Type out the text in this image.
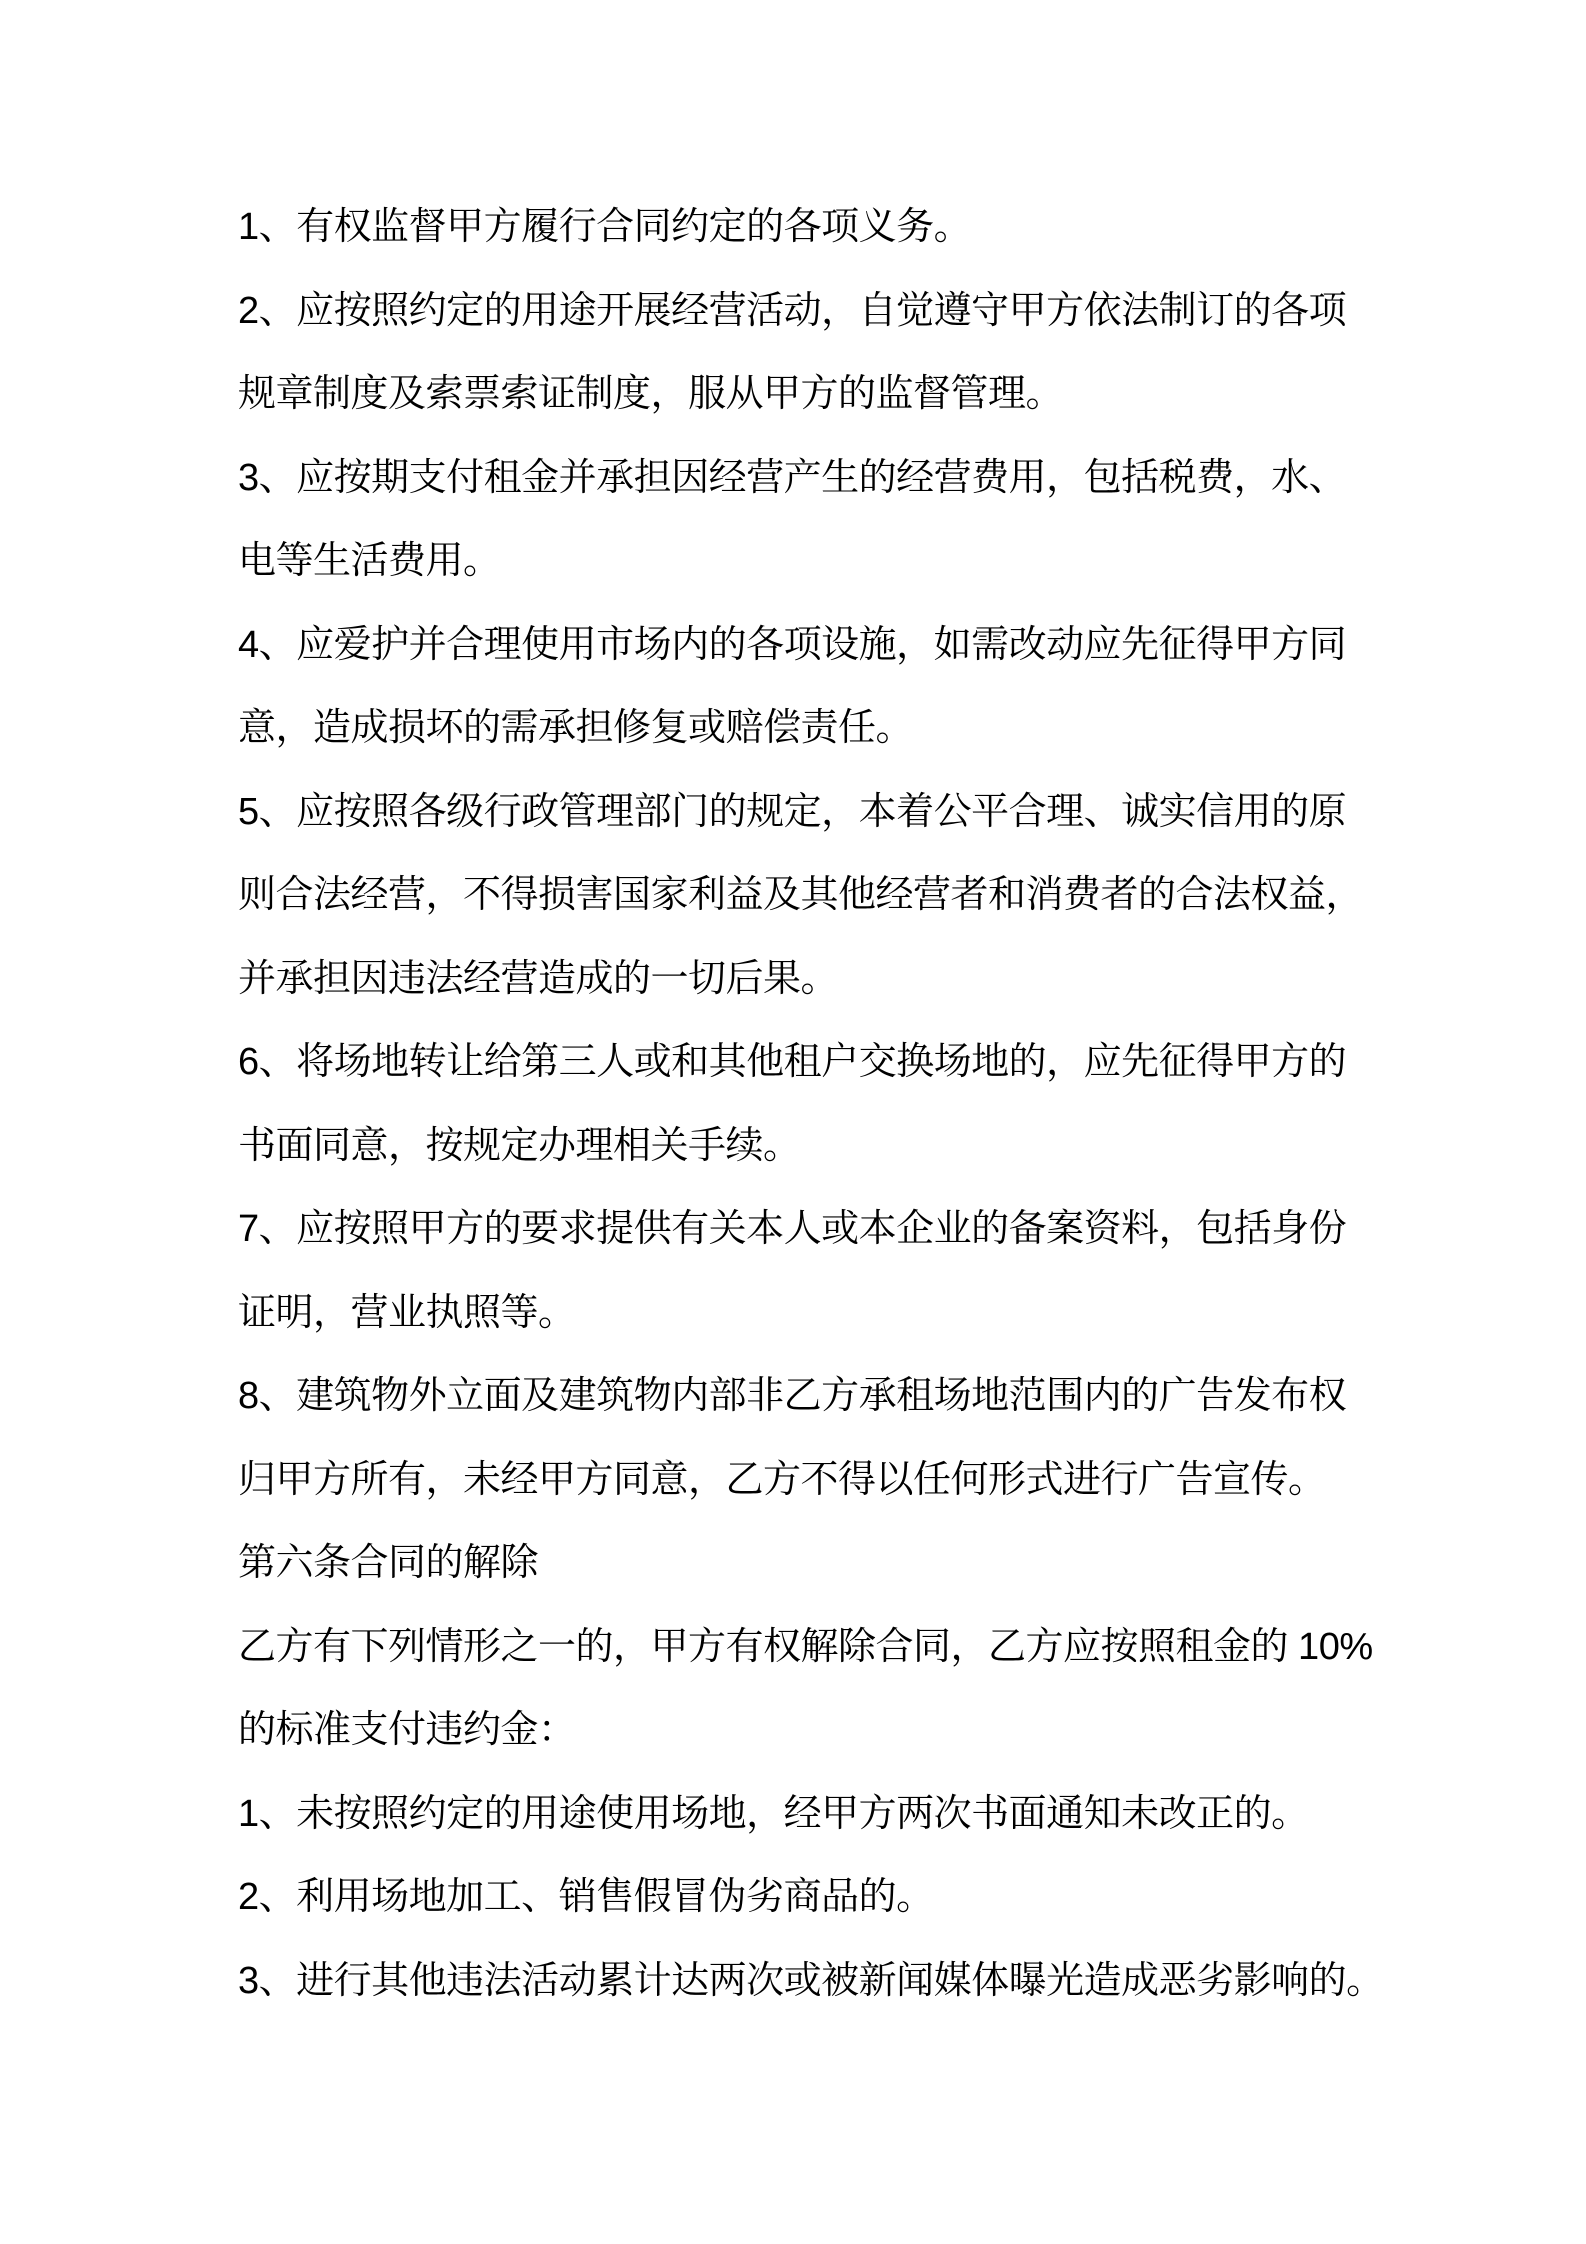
1、有权监督甲方履行合同约定的各项义务。

2、应按照约定的用途开展经营活动，自觉遵守甲方依法制订的各项

规章制度及索票索证制度，服从甲方的监督管理。

3、应按期支付租金并承担因经营产生的经营费用，包括税费，水、

电等生活费用。

4、应爱护并合理使用市场内的各项设施，如需改动应先征得甲方同

意，造成损坏的需承担修复或赔偿责任。

5、应按照各级行政管理部门的规定，本着公平合理、诚实信用的原

则合法经营，不得损害国家利益及其他经营者和消费者的合法权益，

并承担因违法经营造成的一切后果。

6、将场地转让给第三人或和其他租户交换场地的，应先征得甲方的

书面同意，按规定办理相关手续。

7、应按照甲方的要求提供有关本人或本企业的备案资料，包括身份

证明，营业执照等。

8、建筑物外立面及建筑物内部非乙方承租场地范围内的广告发布权

归甲方所有，未经甲方同意，乙方不得以任何形式进行广告宣传。

第六条合同的解除

乙方有下列情形之一的，甲方有权解除合同，乙方应按照租金的 10%

的标准支付违约金：

1、未按照约定的用途使用场地，经甲方两次书面通知未改正的。

2、利用场地加工、销售假冒伪劣商品的。

3、进行其他违法活动累计达两次或被新闻媒体曝光造成恶劣影响的。
